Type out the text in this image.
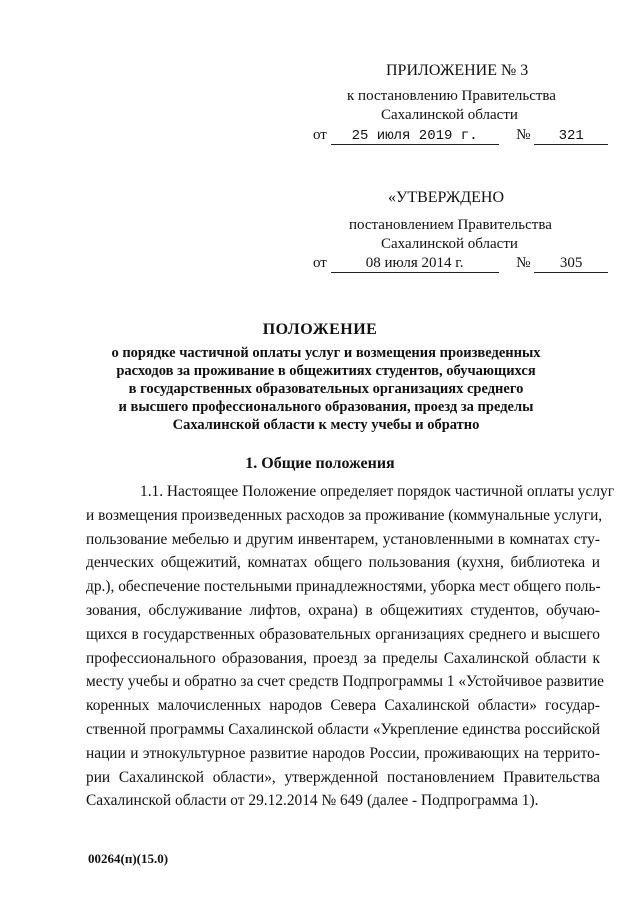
ПРИЛОЖЕНИЕ № 3
к постановлению Правительства
Сахалинской области
от 25 июля 2019 г.	№ 321
«УТВЕРЖДЕНО
постановлением Правительства
Сахалинской области
от	08 июля 2014 г.	№ 305
ПОЛОЖЕНИЕ
о порядке частичной оплаты услуг и возмещения произведенных
расходов за проживание в общежитиях студентов, обучающихся
в государственных образовательных организациях среднего
и высшего профессионального образования, проезд за пределы
Сахалинской области к месту учебы и обратно
1. Общие положения
1.1. Настоящее Положение определяет порядок частичной оплаты услуг
и возмещения произведенных расходов за проживание (коммунальные услуги,
пользование мебелью и другим инвентарем, установленными в комнатах сту-
денческих общежитий, комнатах общего пользования (кухня, библиотека и
др.), обеспечение постельными принадлежностями, уборка мест общего поль-
зования, обслуживание лифтов, охрана) в общежитиях студентов, обучаю-
щихся в государственных образовательных организациях среднего и высшего
профессионального образования, проезд за пределы Сахалинской области к
месту учебы и обратно за счет средств Подпрограммы 1 «Устойчивое развитие
коренных малочисленных народов Севера Сахалинской области» государ-
ственной программы Сахалинской области «Укрепление единства российской
нации и этнокультурное развитие народов России, проживающих на террито-
рии Сахалинской области», утвержденной постановлением Правительства
Сахалинской области от 29.12.2014 № 649 (далее - Подпрограмма 1).
00264(п)(15.0)
